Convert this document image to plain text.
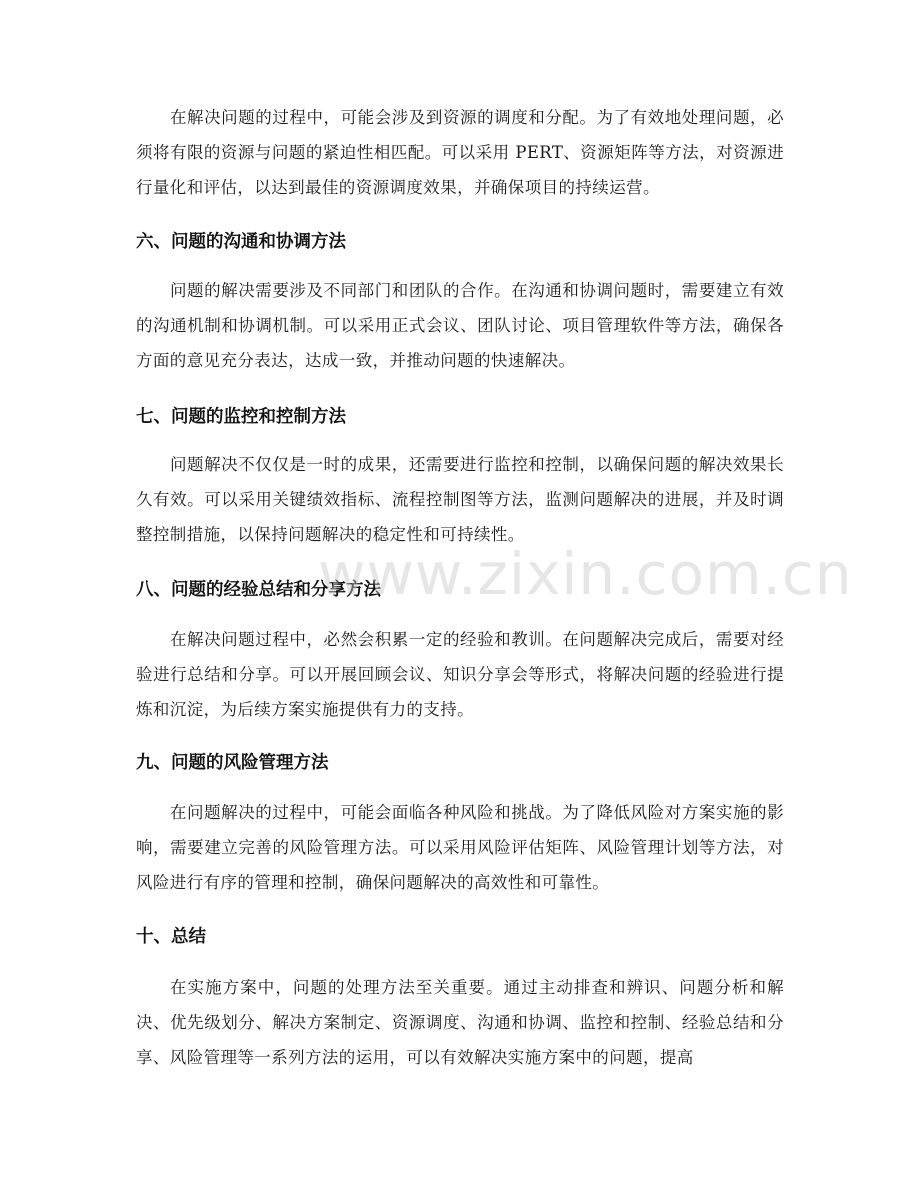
在解决问题的过程中，可能会涉及到资源的调度和分配。为了有效地处理问题，必须将有限的资源与问题的紧迫性相匹配。可以采用 PERT、资源矩阵等方法，对资源进行量化和评估，以达到最佳的资源调度效果，并确保项目的持续运营。

六、问题的沟通和协调方法

问题的解决需要涉及不同部门和团队的合作。在沟通和协调问题时，需要建立有效的沟通机制和协调机制。可以采用正式会议、团队讨论、项目管理软件等方法，确保各方面的意见充分表达，达成一致，并推动问题的快速解决。

七、问题的监控和控制方法

问题解决不仅仅是一时的成果，还需要进行监控和控制，以确保问题的解决效果长久有效。可以采用关键绩效指标、流程控制图等方法，监测问题解决的进展，并及时调整控制措施，以保持问题解决的稳定性和可持续性。

八、问题的经验总结和分享方法

在解决问题过程中，必然会积累一定的经验和教训。在问题解决完成后，需要对经验进行总结和分享。可以开展回顾会议、知识分享会等形式，将解决问题的经验进行提炼和沉淀，为后续方案实施提供有力的支持。

九、问题的风险管理方法

在问题解决的过程中，可能会面临各种风险和挑战。为了降低风险对方案实施的影响，需要建立完善的风险管理方法。可以采用风险评估矩阵、风险管理计划等方法，对风险进行有序的管理和控制，确保问题解决的高效性和可靠性。

十、总结

在实施方案中，问题的处理方法至关重要。通过主动排查和辨识、问题分析和解决、优先级划分、解决方案制定、资源调度、沟通和协调、监控和控制、经验总结和分享、风险管理等一系列方法的运用，可以有效解决实施方案中的问题，提高

www.zixin.com.cn
